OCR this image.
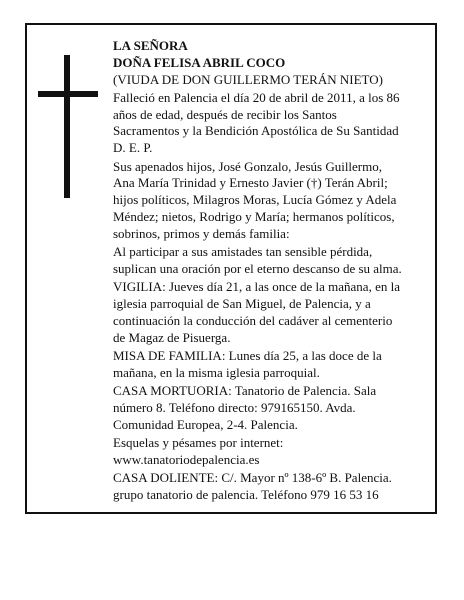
LA SEÑORA
DOÑA FELISA ABRIL COCO
(VIUDA DE DON GUILLERMO TERÁN NIETO)
Falleció en Palencia el día 20 de abril de 2011, a los 86
años de edad, después de recibir los Santos
Sacramentos y la Bendición Apostólica de Su Santidad
D. E. P.
Sus apenados hijos, José Gonzalo, Jesús Guillermo,
Ana María Trinidad y Ernesto Javier (†) Terán Abril;
hijos políticos, Milagros Moras, Lucía Gómez y Adela
Méndez; nietos, Rodrigo y María; hermanos políticos,
sobrinos, primos y demás familia:
Al participar a sus amistades tan sensible pérdida,
suplican una oración por el eterno descanso de su alma.
VIGILIA: Jueves día 21, a las once de la mañana, en la
iglesia parroquial de San Miguel, de Palencia, y a
continuación la conducción del cadáver al cementerio
de Magaz de Pisuerga.
MISA DE FAMILIA: Lunes día 25, a las doce de la
mañana, en la misma iglesia parroquial.
CASA MORTUORIA: Tanatorio de Palencia. Sala
número 8. Teléfono directo: 979165150. Avda.
Comunidad Europea, 2-4. Palencia.
Esquelas y pésames por internet:
www.tanatoriodepalencia.es
CASA DOLIENTE: C/. Mayor nº 138-6º B. Palencia.
grupo tanatorio de palencia. Teléfono 979 16 53 16
